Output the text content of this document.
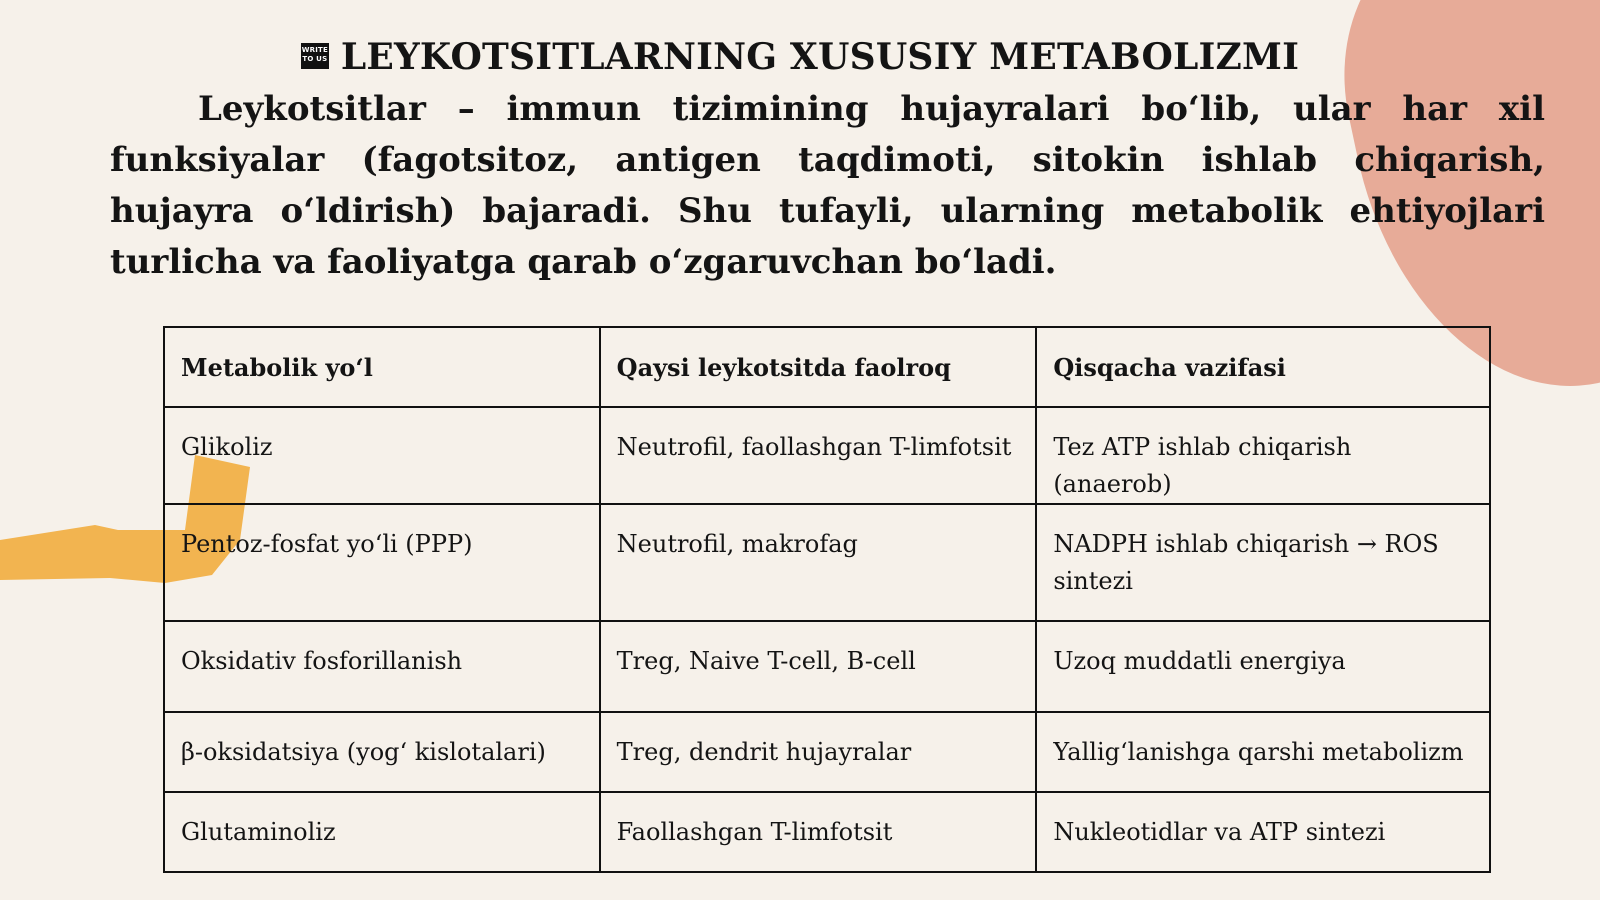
WRITE TO US LEYKOTSITLARNING XUSUSIY METABOLIZMI
Leykotsitlar – immun tizimining hujayralari bo‘lib, ular har xil funksiyalar (fagotsitoz, antigen taqdimoti, sitokin ishlab chiqarish, hujayra o‘ldirish) bajaradi. Shu tufayli, ularning metabolik ehtiyojlari turlicha va faoliyatga qarab o‘zgaruvchan bo‘ladi.
Metabolik yo‘l	Qaysi leykotsitda faolroq	Qisqacha vazifasi
Glikoliz	Neutrofil, faollashgan T-limfotsit	Tez ATP ishlab chiqarish (anaerob)
Pentoz-fosfat yo‘li (PPP)	Neutrofil, makrofag	NADPH ishlab chiqarish → ROS sintezi
Oksidativ fosforillanish	Treg, Naive T-cell, B-cell	Uzoq muddatli energiya
β-oksidatsiya (yog‘ kislotalari)	Treg, dendrit hujayralar	Yallig‘lanishga qarshi metabolizm
Glutaminoliz	Faollashgan T-limfotsit	Nukleotidlar va ATP sintezi
